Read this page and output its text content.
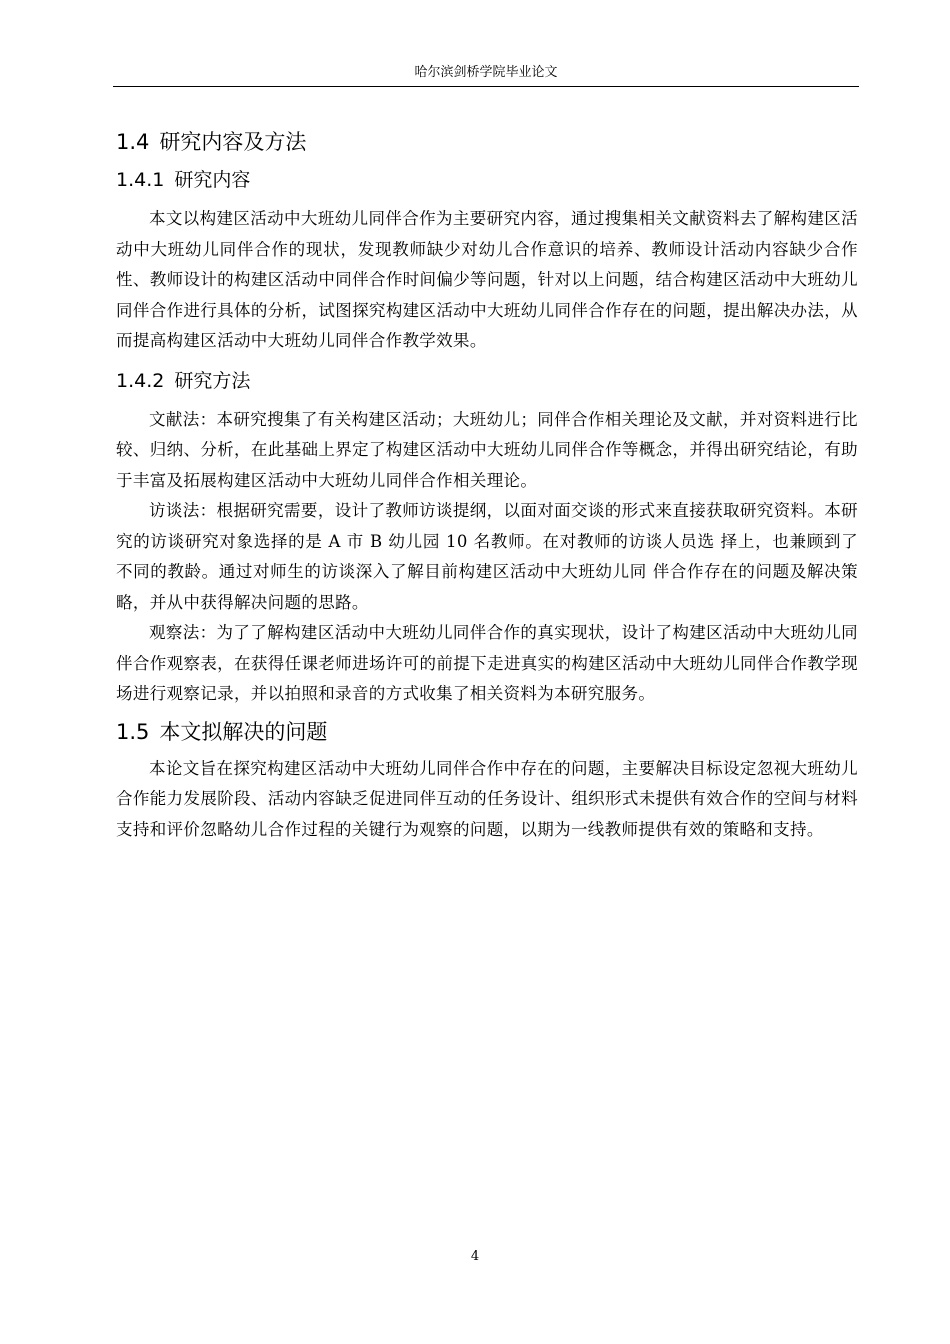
哈尔滨剑桥学院毕业论文
1.4 研究内容及方法
1.4.1 研究内容

本文以构建区活动中大班幼儿同伴合作为主要研究内容，通过搜集相关文献资料去了解构建区活动中大班幼儿同伴合作的现状，发现教师缺少对幼儿合作意识的培养、教师设计活动内容缺少合作性、教师设计的构建区活动中同伴合作时间偏少等问题，针对以上问题，结合构建区活动中大班幼儿同伴合作进行具体的分析，试图探究构建区活动中大班幼儿同伴合作存在的问题，提出解决办法，从而提高构建区活动中大班幼儿同伴合作教学效果。

1.4.2 研究方法

文献法：本研究搜集了有关构建区活动；大班幼儿；同伴合作相关理论及文献，并对资料进行比较、归纳、分析，在此基础上界定了构建区活动中大班幼儿同伴合作等概念，并得出研究结论，有助于丰富及拓展构建区活动中大班幼儿同伴合作相关理论。

访谈法：根据研究需要，设计了教师访谈提纲，以面对面交谈的形式来直接获取研究资料。本研究的访谈研究对象选择的是 A 市 B 幼儿园 10 名教师。在对教师的访谈人员选 择上，也兼顾到了不同的教龄。通过对师生的访谈深入了解目前构建区活动中大班幼儿同 伴合作存在的问题及解决策略，并从中获得解决问题的思路。

观察法：为了了解构建区活动中大班幼儿同伴合作的真实现状，设计了构建区活动中大班幼儿同伴合作观察表，在获得任课老师进场许可的前提下走进真实的构建区活动中大班幼儿同伴合作教学现场进行观察记录，并以拍照和录音的方式收集了相关资料为本研究服务。

1.5 本文拟解决的问题

本论文旨在探究构建区活动中大班幼儿同伴合作中存在的问题，主要解决目标设定忽视大班幼儿合作能力发展阶段、活动内容缺乏促进同伴互动的任务设计、组织形式未提供有效合作的空间与材料支持和评价忽略幼儿合作过程的关键行为观察的问题，以期为一线教师提供有效的策略和支持。

4
